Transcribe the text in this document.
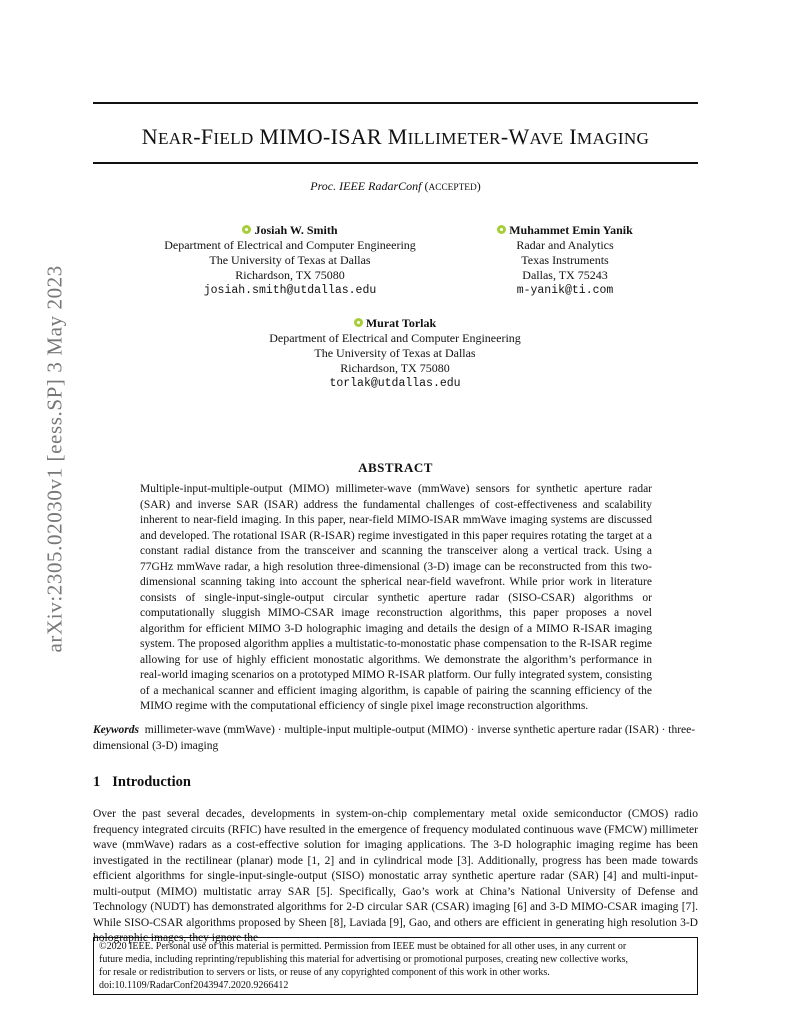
arXiv:2305.02030v1 [eess.SP] 3 May 2023
NEAR-FIELD MIMO-ISAR MILLIMETER-WAVE IMAGING
Proc. IEEE RadarConf (ACCEPTED)
Josiah W. Smith
Department of Electrical and Computer Engineering
The University of Texas at Dallas
Richardson, TX 75080
josiah.smith@utdallas.edu
Muhammet Emin Yanik
Radar and Analytics
Texas Instruments
Dallas, TX 75243
m-yanik@ti.com
Murat Torlak
Department of Electrical and Computer Engineering
The University of Texas at Dallas
Richardson, TX 75080
torlak@utdallas.edu
ABSTRACT
Multiple-input-multiple-output (MIMO) millimeter-wave (mmWave) sensors for synthetic aperture radar (SAR) and inverse SAR (ISAR) address the fundamental challenges of cost-effectiveness and scalability inherent to near-field imaging. In this paper, near-field MIMO-ISAR mmWave imaging systems are discussed and developed. The rotational ISAR (R-ISAR) regime investigated in this paper requires rotating the target at a constant radial distance from the transceiver and scanning the transceiver along a vertical track. Using a 77GHz mmWave radar, a high resolution three-dimensional (3-D) image can be reconstructed from this two-dimensional scanning taking into account the spherical near-field wavefront. While prior work in literature consists of single-input-single-output circular synthetic aperture radar (SISO-CSAR) algorithms or computationally sluggish MIMO-CSAR image reconstruction algorithms, this paper proposes a novel algorithm for efficient MIMO 3-D holographic imaging and details the design of a MIMO R-ISAR imaging system. The proposed algorithm applies a multistatic-to-monostatic phase compensation to the R-ISAR regime allowing for use of highly efficient monostatic algorithms. We demonstrate the algorithm’s performance in real-world imaging scenarios on a prototyped MIMO R-ISAR platform. Our fully integrated system, consisting of a mechanical scanner and efficient imaging algorithm, is capable of pairing the scanning efficiency of the MIMO regime with the computational efficiency of single pixel image reconstruction algorithms.
Keywords millimeter-wave (mmWave) · multiple-input multiple-output (MIMO) · inverse synthetic aperture radar (ISAR) · three-dimensional (3-D) imaging
1 Introduction
Over the past several decades, developments in system-on-chip complementary metal oxide semiconductor (CMOS) radio frequency integrated circuits (RFIC) have resulted in the emergence of frequency modulated continuous wave (FMCW) millimeter wave (mmWave) radars as a cost-effective solution for imaging applications. The 3-D holographic imaging regime has been investigated in the rectilinear (planar) mode [1, 2] and in cylindrical mode [3]. Additionally, progress has been made towards efficient algorithms for single-input-single-output (SISO) monostatic array synthetic aperture radar (SAR) [4] and multi-input-multi-output (MIMO) multistatic array SAR [5]. Specifically, Gao’s work at China’s National University of Defense and Technology (NUDT) has demonstrated algorithms for 2-D circular SAR (CSAR) imaging [6] and 3-D MIMO-CSAR imaging [7]. While SISO-CSAR algorithms proposed by Sheen [8], Laviada [9], Gao, and others are efficient in generating high resolution 3-D holographic images, they ignore the
©2020 IEEE. Personal use of this material is permitted. Permission from IEEE must be obtained for all other uses, in any current or
future media, including reprinting/republishing this material for advertising or promotional purposes, creating new collective works,
for resale or redistribution to servers or lists, or reuse of any copyrighted component of this work in other works.
doi:10.1109/RadarConf2043947.2020.9266412
